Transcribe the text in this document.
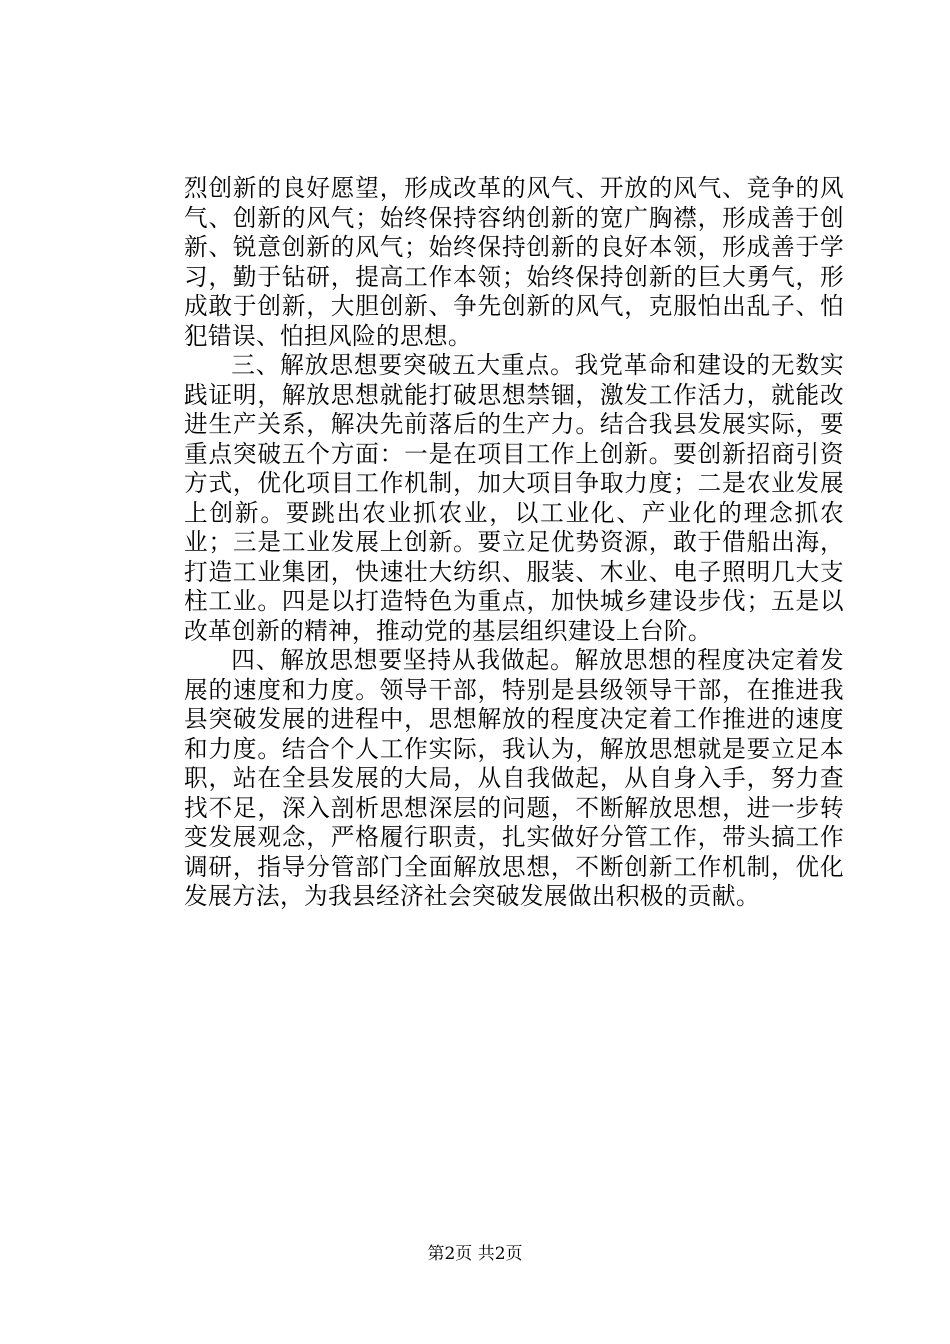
烈创新的良好愿望，形成改革的风气、开放的风气、竞争的风气、创新的风气；始终保持容纳创新的宽广胸襟，形成善于创新、锐意创新的风气；始终保持创新的良好本领，形成善于学习，勤于钻研，提高工作本领；始终保持创新的巨大勇气，形成敢于创新，大胆创新、争先创新的风气，克服怕出乱子、怕犯错误、怕担风险的思想。

三、解放思想要突破五大重点。我党革命和建设的无数实践证明，解放思想就能打破思想禁锢，激发工作活力，就能改进生产关系，解决先前落后的生产力。结合我县发展实际，要重点突破五个方面：一是在项目工作上创新。要创新招商引资方式，优化项目工作机制，加大项目争取力度；二是农业发展上创新。要跳出农业抓农业，以工业化、产业化的理念抓农业；三是工业发展上创新。要立足优势资源，敢于借船出海，打造工业集团，快速壮大纺织、服装、木业、电子照明几大支柱工业。四是以打造特色为重点，加快城乡建设步伐；五是以改革创新的精神，推动党的基层组织建设上台阶。

四、解放思想要坚持从我做起。解放思想的程度决定着发展的速度和力度。领导干部，特别是县级领导干部，在推进我县突破发展的进程中，思想解放的程度决定着工作推进的速度和力度。结合个人工作实际，我认为，解放思想就是要立足本职，站在全县发展的大局，从自我做起，从自身入手，努力查找不足，深入剖析思想深层的问题，不断解放思想，进一步转变发展观念，严格履行职责，扎实做好分管工作，带头搞工作调研，指导分管部门全面解放思想，不断创新工作机制，优化发展方法，为我县经济社会突破发展做出积极的贡献。

第2页 共2页
